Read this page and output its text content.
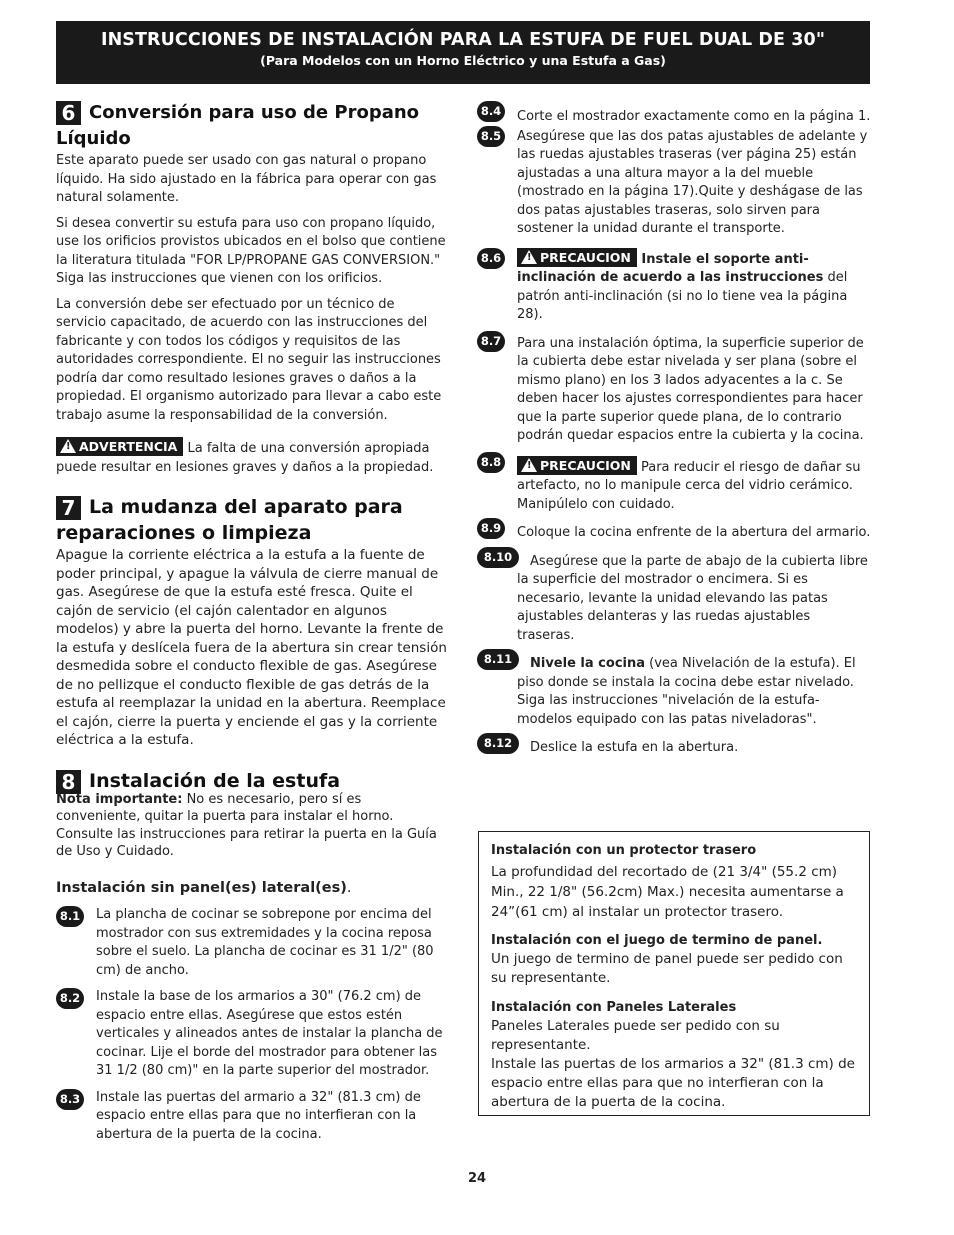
INSTRUCCIONES DE INSTALACIÓN PARA LA ESTUFA DE FUEL DUAL DE 30"
(Para Modelos con un Horno Eléctrico y una Estufa a Gas)
6 Conversión para uso de Propano Líquido

Este aparato puede ser usado con gas natural o propano líquido. Ha sido ajustado en la fábrica para operar con gas natural solamente.

Si desea convertir su estufa para uso con propano líquido, use los orificios provistos ubicados en el bolso que contiene la literatura titulada "FOR LP/PROPANE GAS CONVERSION." Siga las instrucciones que vienen con los orificios.

La conversión debe ser efectuado por un técnico de servicio capacitado, de acuerdo con las instrucciones del fabricante y con todos los códigos y requisitos de las autoridades correspondiente. El no seguir las instrucciones podría dar como resultado lesiones graves o daños a la propiedad. El organismo autorizado para llevar a cabo este trabajo asume la responsabilidad de la conversión.

! ADVERTENCIA La falta de una conversión apropiada puede resultar en lesiones graves y daños a la propiedad.

7 La mudanza del aparato para reparaciones o limpieza

Apague la corriente eléctrica a la estufa a la fuente de poder principal, y apague la válvula de cierre manual de gas. Asegúrese de que la estufa esté fresca. Quite el cajón de servicio (el cajón calentador en algunos modelos) y abre la puerta del horno. Levante la frente de la estufa y deslícela fuera de la abertura sin crear tensión desmedida sobre el conducto flexible de gas. Asegúrese de no pellizque el conducto flexible de gas detrás de la estufa al reemplazar la unidad en la abertura. Reemplace el cajón, cierre la puerta y enciende el gas y la corriente eléctrica a la estufa.

8 Instalación de la estufa

Nota importante: No es necesario, pero sí es conveniente, quitar la puerta para instalar el horno. Consulte las instrucciones para retirar la puerta en la Guía de Uso y Cuidado.

Instalación sin panel(es) lateral(es).

8.1 La plancha de cocinar se sobrepone por encima del mostrador con sus extremidades y la cocina reposa sobre el suelo. La plancha de cocinar es 31 1/2" (80 cm) de ancho.

8.2 Instale la base de los armarios a 30" (76.2 cm) de espacio entre ellas. Asegúrese que estos estén verticales y alineados antes de instalar la plancha de cocinar. Lije el borde del mostrador para obtener las 31 1/2 (80 cm)" en la parte superior del mostrador.

8.3 Instale las puertas del armario a 32" (81.3 cm) de espacio entre ellas para que no interfieran con la abertura de la puerta de la cocina.

8.4 Corte el mostrador exactamente como en la página 1.

8.5 Asegúrese que las dos patas ajustables de adelante y las ruedas ajustables traseras (ver página 25) están ajustadas a una altura mayor a la del mueble (mostrado en la página 17).Quite y deshágase de las dos patas ajustables traseras, solo sirven para sostener la unidad durante el transporte.

8.6	! PRECAUCION Instale el soporte anti-inclinación de acuerdo a las instrucciones del patrón anti-inclinación (si no lo tiene vea la página 28).

8.7 Para una instalación óptima, la superficie superior de la cubierta debe estar nivelada y ser plana (sobre el mismo plano) en los 3 lados adyacentes a la c. Se deben hacer los ajustes correspondientes para hacer que la parte superior quede plana, de lo contrario podrán quedar espacios entre la cubierta y la cocina.

8.8	! PRECAUCION Para reducir el riesgo de dañar su artefacto, no lo manipule cerca del vidrio cerámico. Manipúlelo con cuidado.

8.9 Coloque la cocina enfrente de la abertura del armario.

8.10	Asegúrese que la parte de abajo de la cubierta libre la superficie del mostrador o encimera. Si es necesario, levante la unidad elevando las patas ajustables delanteras y las ruedas ajustables traseras.

8.11	Nivele la cocina (vea Nivelación de la estufa). El piso donde se instala la cocina debe estar nivelado. Siga las instrucciones "nivelación de la estufa- modelos equipado con las patas niveladoras".

8.12	Deslice la estufa en la abertura.

Instalación con un protector trasero
La profundidad del recortado de (21 3/4" (55.2 cm) Min., 22 1/8" (56.2cm) Max.) necesita aumentarse a 24”(61 cm) al instalar un protector trasero.
Instalación con el juego de termino de panel.
Un juego de termino de panel puede ser pedido con su representante.
Instalación con Paneles Laterales
Paneles Laterales puede ser pedido con su representante.
Instale las puertas de los armarios a 32" (81.3 cm) de espacio entre ellas para que no interfieran con la abertura de la puerta de la cocina.
24
